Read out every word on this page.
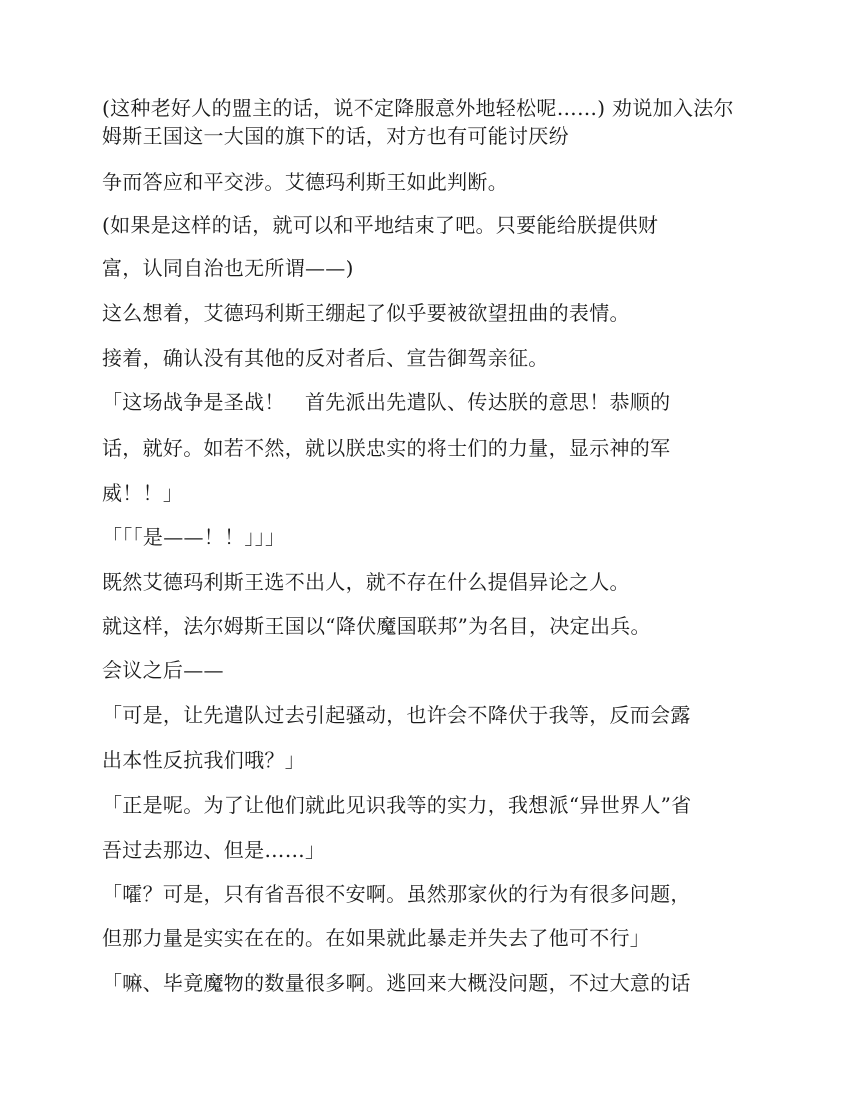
(这种老好人的盟主的话，说不定降服意外地轻松呢……) 劝说加入法尔
姆斯王国这一大国的旗下的话，对方也有可能讨厌纷
争而答应和平交涉。艾德玛利斯王如此判断。
(如果是这样的话，就可以和平地结束了吧。只要能给朕提供财
富，认同自治也无所谓——)
这么想着，艾德玛利斯王绷起了似乎要被欲望扭曲的表情。
接着，确认没有其他的反对者后、宣告御驾亲征。
「这场战争是圣战！　首先派出先遣队、传达朕的意思！恭顺的
话，就好。如若不然，就以朕忠实的将士们的力量，显示神的军
威！！」
「「「是——！！」」」
既然艾德玛利斯王选不出人，就不存在什么提倡异论之人。
就这样，法尔姆斯王国以“降伏魔国联邦”为名目，决定出兵。
会议之后——
「可是，让先遣队过去引起骚动，也许会不降伏于我等，反而会露
出本性反抗我们哦？」
「正是呢。为了让他们就此见识我等的实力，我想派“异世界人”省
吾过去那边、但是……」
「嚯？可是，只有省吾很不安啊。虽然那家伙的行为有很多问题，
但那力量是实实在在的。在如果就此暴走并失去了他可不行」
「嘛、毕竟魔物的数量很多啊。逃回来大概没问题，不过大意的话
